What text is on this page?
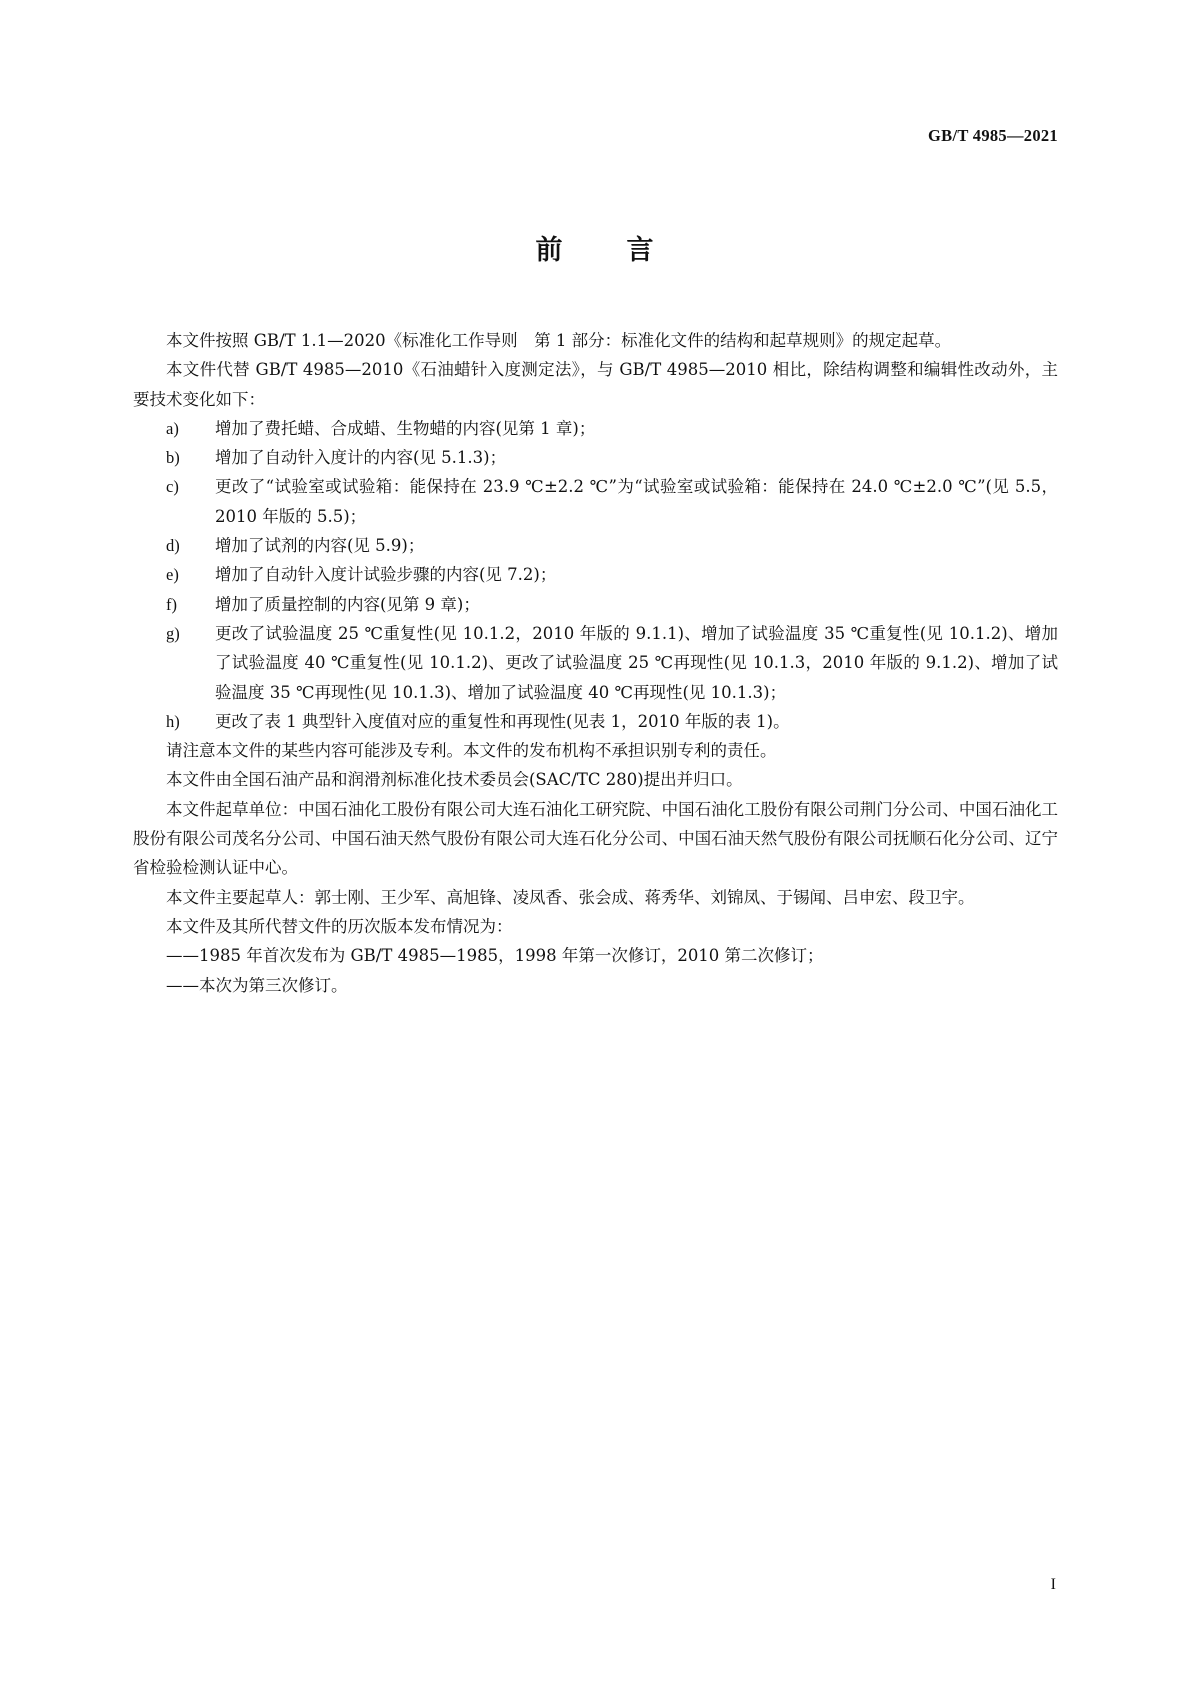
GB/T 4985—2021
前 言

本文件按照 GB/T 1.1—2020《标准化工作导则　第 1 部分：标准化文件的结构和起草规则》的规定起草。

本文件代替 GB/T 4985—2010《石油蜡针入度测定法》，与 GB/T 4985—2010 相比，除结构调整和编辑性改动外，主要技术变化如下：

a) 增加了费托蜡、合成蜡、生物蜡的内容(见第 1 章)；

b) 增加了自动针入度计的内容(见 5.1.3)；

c) 更改了“试验室或试验箱：能保持在 23.9 ℃±2.2 ℃”为“试验室或试验箱：能保持在 24.0 ℃±2.0 ℃”(见 5.5，2010 年版的 5.5)；

d) 增加了试剂的内容(见 5.9)；

e) 增加了自动针入度计试验步骤的内容(见 7.2)；

f) 增加了质量控制的内容(见第 9 章)；

g) 更改了试验温度 25 ℃重复性(见 10.1.2，2010 年版的 9.1.1)、增加了试验温度 35 ℃重复性(见 10.1.2)、增加了试验温度 40 ℃重复性(见 10.1.2)、更改了试验温度 25 ℃再现性(见 10.1.3，2010 年版的 9.1.2)、增加了试验温度 35 ℃再现性(见 10.1.3)、增加了试验温度 40 ℃再现性(见 10.1.3)；

h) 更改了表 1 典型针入度值对应的重复性和再现性(见表 1，2010 年版的表 1)。

请注意本文件的某些内容可能涉及专利。本文件的发布机构不承担识别专利的责任。

本文件由全国石油产品和润滑剂标准化技术委员会(SAC/TC 280)提出并归口。

本文件起草单位：中国石油化工股份有限公司大连石油化工研究院、中国石油化工股份有限公司荆门分公司、中国石油化工股份有限公司茂名分公司、中国石油天然气股份有限公司大连石化分公司、中国石油天然气股份有限公司抚顺石化分公司、辽宁省检验检测认证中心。

本文件主要起草人：郭士刚、王少军、高旭锋、凌凤香、张会成、蒋秀华、刘锦凤、于锡闻、吕申宏、段卫宇。

本文件及其所代替文件的历次版本发布情况为：

——1985 年首次发布为 GB/T 4985—1985，1998 年第一次修订，2010 第二次修订；

——本次为第三次修订。

I
